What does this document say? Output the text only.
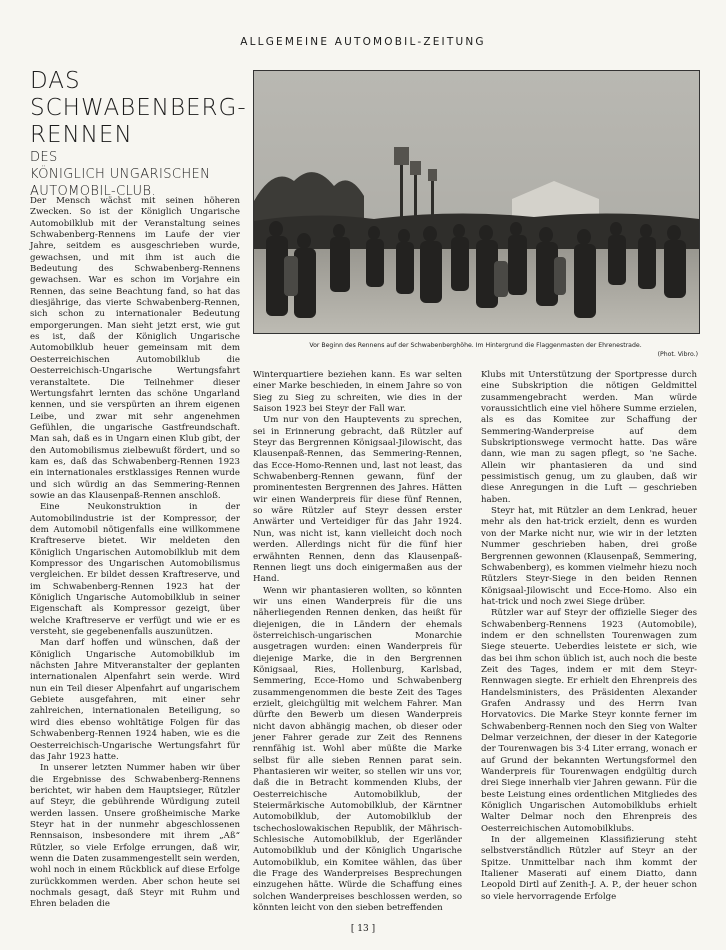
ALLGEMEINE AUTOMOBIL-ZEITUNG
DAS
SCHWABENBERG-
RENNEN
DES
KÖNIGLICH UNGARISCHEN
AUTOMOBIL-CLUB.
Vor Beginn des Rennens auf der Schwabenberghöhe. Im Hintergrund die Flaggenmasten der Ehrenestrade.
(Phot. Vibro.)

Der Mensch wächst mit seinen höheren Zwecken. So ist der Königlich Ungarische Automobilklub mit der Veranstaltung seines Schwabenberg-Rennens im Laufe der vier Jahre, seitdem es ausgeschrieben wurde, gewachsen, und mit ihm ist auch die Bedeutung des Schwabenberg-Rennens gewachsen. War es schon im Vorjahre ein Rennen, das seine Beachtung fand, so hat das diesjährige, das vierte Schwabenberg-Rennen, sich schon zu internationaler Bedeutung emporgerungen. Man sieht jetzt erst, wie gut es ist, daß der Königlich Ungarische Automobilklub heuer gemeinsam mit dem Oesterreichischen Automobilklub die Oesterreichisch-Ungarische Wertungsfahrt veranstaltete. Die Teilnehmer dieser Wertungsfahrt lernten das schöne Ungarland kennen, und sie verspürten an ihrem eigenen Leibe, und zwar mit sehr angenehmen Gefühlen, die ungarische Gastfreundschaft. Man sah, daß es in Ungarn einen Klub gibt, der den Automobilismus zielbewußt fördert, und so kam es, daß das Schwabenberg-Rennen 1923 ein internationales erstklassiges Rennen wurde und sich würdig an das Semmering-Rennen sowie an das Klausenpaß-Rennen anschloß.

Eine Neukonstruktion in der Automobilindustrie ist der Kompressor, der dem Automobil nötigenfalls eine willkommene Kraftreserve bietet. Wir meldeten den Königlich Ungarischen Automobilklub mit dem Kompressor des Ungarischen Automobilismus vergleichen. Er bildet dessen Kraftreserve, und im Schwabenberg-Rennen 1923 hat der Königlich Ungarische Automobilklub in seiner Eigenschaft als Kompressor gezeigt, über welche Kraftreserve er verfügt und wie er es versteht, sie gegebenenfalls auszunützen.

Man darf hoffen und wünschen, daß der Königlich Ungarische Automobilklub im nächsten Jahre Mitveranstalter der geplanten internationalen Alpenfahrt sein werde. Wird nun ein Teil dieser Alpenfahrt auf ungarischem Gebiete ausgefahren, mit einer sehr zahlreichen, internationalen Beteiligung, so wird dies ebenso wohltätige Folgen für das Schwabenberg-Rennen 1924 haben, wie es die Oesterreichisch-Ungarische Wertungsfahrt für das Jahr 1923 hatte.

In unserer letzten Nummer haben wir über die Ergebnisse des Schwabenberg-Rennens berichtet, wir haben dem Hauptsieger, Rützler auf Steyr, die gebührende Würdigung zuteil werden lassen. Unsere großheimische Marke Steyr hat in der nunmehr abgeschlossenen Rennsaison, insbesondere mit ihrem „Aß“ Rützler, so viele Erfolge errungen, daß wir, wenn die Daten zusammengestellt sein werden, wohl noch in einem Rückblick auf diese Erfolge zurückkommen werden. Aber schon heute sei nochmals gesagt, daß Steyr mit Ruhm und Ehren beladen die

Winterquartiere beziehen kann. Es war selten einer Marke beschieden, in einem Jahre so von Sieg zu Sieg zu schreiten, wie dies in der Saison 1923 bei Steyr der Fall war.

Um nur von den Hauptevents zu sprechen, sei in Erinnerung gebracht, daß Rützler auf Steyr das Bergrennen Königsaal-Jilowischt, das Klausenpaß-Rennen, das Semmering-Rennen, das Ecce-Homo-Rennen und, last not least, das Schwabenberg-Rennen gewann, fünf der prominentesten Bergrennen des Jahres. Hätten wir einen Wanderpreis für diese fünf Rennen, so wäre Rützler auf Steyr dessen erster Anwärter und Verteidiger für das Jahr 1924. Nun, was nicht ist, kann vielleicht doch noch werden. Allerdings nicht für die fünf hier erwähnten Rennen, denn das Klausenpaß-Rennen liegt uns doch einigermaßen aus der Hand.

Wenn wir phantasieren wollten, so könnten wir uns einen Wanderpreis für die uns näherliegenden Rennen denken, das heißt für diejenigen, die in Ländern der ehemals österreichisch-ungarischen Monarchie ausgetragen wurden: einen Wanderpreis für diejenige Marke, die in den Bergrennen Königsaal, Ries, Hollenburg, Karlsbad, Semmering, Ecce-Homo und Schwabenberg zusammengenommen die beste Zeit des Tages erzielt, gleichgültig mit welchem Fahrer. Man dürfte den Bewerb um diesen Wanderpreis nicht davon abhängig machen, ob dieser oder jener Fahrer gerade zur Zeit des Rennens rennfähig ist. Wohl aber müßte die Marke selbst für alle sieben Rennen parat sein. Phantasieren wir weiter, so stellen wir uns vor, daß die in Betracht kommenden Klubs, der Oesterreichische Automobilklub, der Steiermärkische Automobilklub, der Kärntner Automobilklub, der Automobilklub der tschechoslowakischen Republik, der Mährisch-Schlesische Automobilklub, der Egerländer Automobilklub und der Königlich Ungarische Automobilklub, ein Komitee wählen, das über die Frage des Wanderpreises Besprechungen einzugehen hätte. Würde die Schaffung eines solchen Wanderpreises beschlossen werden, so könnten leicht von den sieben betreffenden

Klubs mit Unterstützung der Sportpresse durch eine Subskription die nötigen Geldmittel zusammengebracht werden. Man würde voraussichtlich eine viel höhere Summe erzielen, als es das Komitee zur Schaffung der Semmering-Wanderpreise auf dem Subskriptionswege vermocht hatte. Das wäre dann, wie man zu sagen pflegt, so 'ne Sache. Allein wir phantasieren da und sind pessimistisch genug, um zu glauben, daß wir diese Anregungen in die Luft — geschrieben haben.

Steyr hat, mit Rützler an dem Lenkrad, heuer mehr als den hat-trick erzielt, denn es wurden von der Marke nicht nur, wie wir in der letzten Nummer geschrieben haben, drei große Bergrennen gewonnen (Klausenpaß, Semmering, Schwabenberg), es kommen vielmehr hiezu noch Rützlers Steyr-Siege in den beiden Rennen Königsaal-Jilowischt und Ecce-Homo. Also ein hat-trick und noch zwei Siege drüber.

Rützler war auf Steyr der offizielle Sieger des Schwabenberg-Rennens 1923 (Automobile), indem er den schnellsten Tourenwagen zum Siege steuerte. Ueberdies leistete er sich, wie das bei ihm schon üblich ist, auch noch die beste Zeit des Tages, indem er mit dem Steyr-Rennwagen siegte. Er erhielt den Ehrenpreis des Handelsministers, des Präsidenten Alexander Grafen Andrassy und des Herrn Ivan Horvatovics. Die Marke Steyr konnte ferner im Schwabenberg-Rennen noch den Sieg von Walter Delmar verzeichnen, der dieser in der Kategorie der Tourenwagen bis 3·4 Liter errang, wonach er auf Grund der bekannten Wertungsformel den Wanderpreis für Tourenwagen endgültig durch drei Siege innerhalb vier Jahren gewann. Für die beste Leistung eines ordentlichen Mitgliedes des Königlich Ungarischen Automobilklubs erhielt Walter Delmar noch den Ehrenpreis des Oesterreichischen Automobilklubs.

In der allgemeinen Klassifizierung steht selbstverständlich Rützler auf Steyr an der Spitze. Unmittelbar nach ihm kommt der Italiener Maserati auf einem Diatto, dann Leopold Dirtl auf Zenith-J. A. P., der heuer schon so viele hervorragende Erfolge

[ 13 ]
